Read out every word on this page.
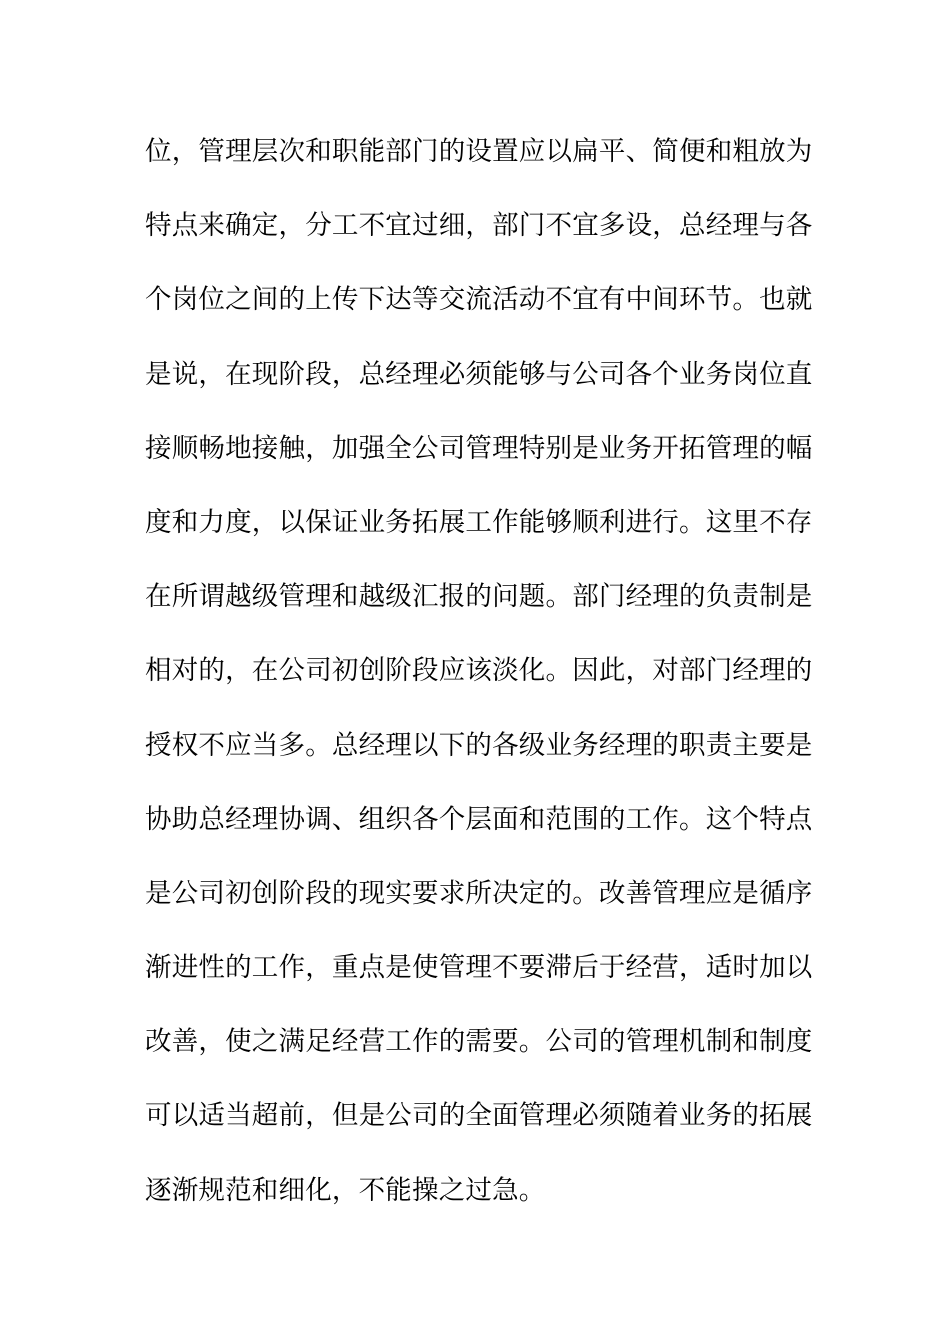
位，管理层次和职能部门的设置应以扁平、简便和粗放为
特点来确定，分工不宜过细，部门不宜多设，总经理与各
个岗位之间的上传下达等交流活动不宜有中间环节。也就
是说，在现阶段，总经理必须能够与公司各个业务岗位直
接顺畅地接触，加强全公司管理特别是业务开拓管理的幅
度和力度，以保证业务拓展工作能够顺利进行。这里不存
在所谓越级管理和越级汇报的问题。部门经理的负责制是
相对的，在公司初创阶段应该淡化。因此，对部门经理的
授权不应当多。总经理以下的各级业务经理的职责主要是
协助总经理协调、组织各个层面和范围的工作。这个特点
是公司初创阶段的现实要求所决定的。改善管理应是循序
渐进性的工作，重点是使管理不要滞后于经营，适时加以
改善，使之满足经营工作的需要。公司的管理机制和制度
可以适当超前，但是公司的全面管理必须随着业务的拓展
逐渐规范和细化，不能操之过急。
